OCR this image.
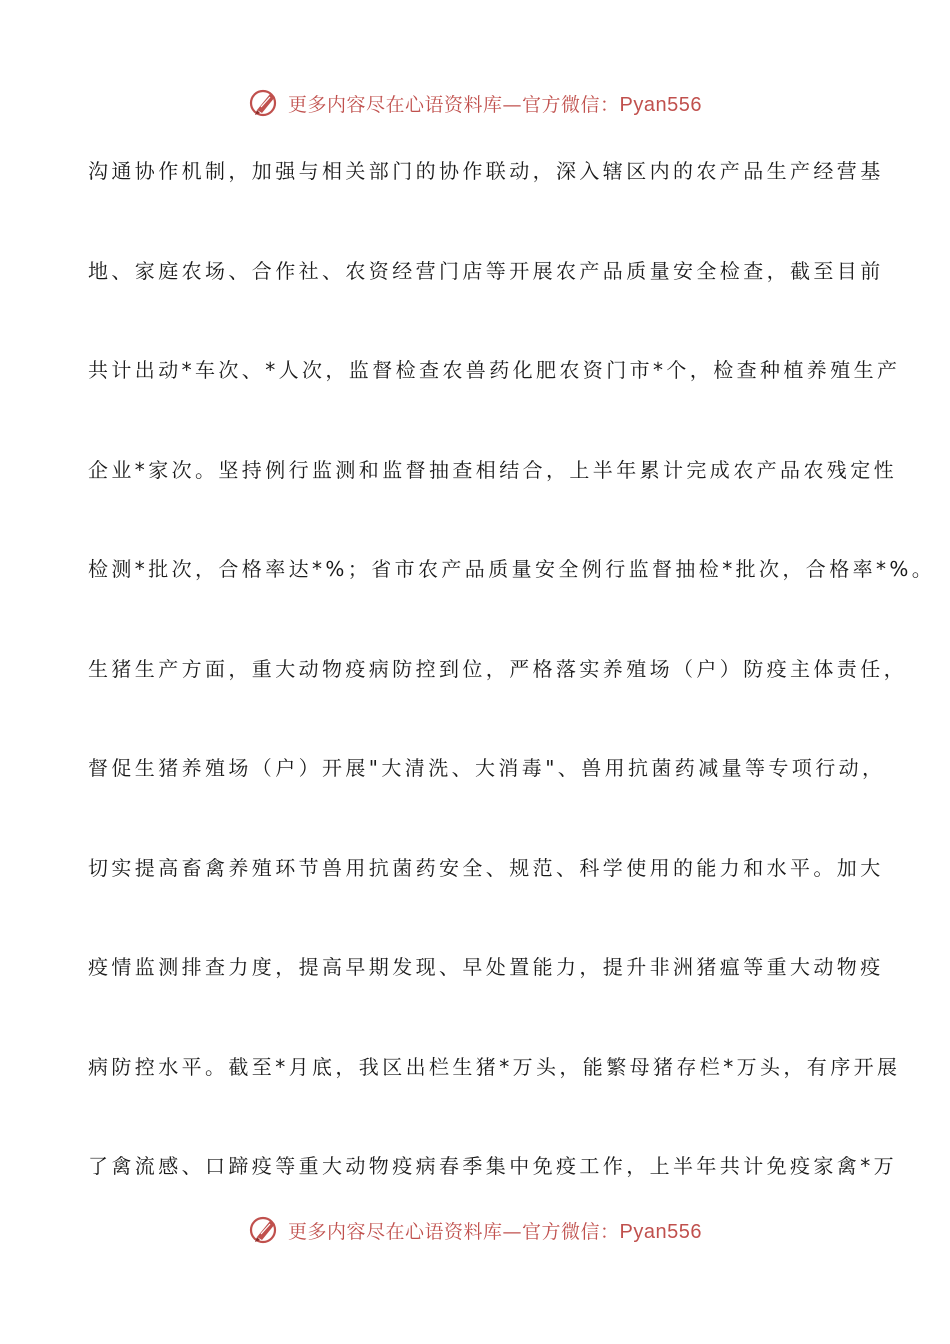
更多内容尽在心语资料库—官方微信：Pyan556
沟通协作机制，加强与相关部门的协作联动，深入辖区内的农产品生产经营基
地、家庭农场、合作社、农资经营门店等开展农产品质量安全检查，截至目前
共计出动*车次、*人次，监督检查农兽药化肥农资门市*个，检查种植养殖生产
企业*家次。坚持例行监测和监督抽查相结合，上半年累计完成农产品农残定性
检测*批次，合格率达*%；省市农产品质量安全例行监督抽检*批次，合格率*%。
生猪生产方面，重大动物疫病防控到位，严格落实养殖场（户）防疫主体责任，
督促生猪养殖场（户）开展"大清洗、大消毒"、兽用抗菌药减量等专项行动，
切实提高畜禽养殖环节兽用抗菌药安全、规范、科学使用的能力和水平。加大
疫情监测排查力度，提高早期发现、早处置能力，提升非洲猪瘟等重大动物疫
病防控水平。截至*月底，我区出栏生猪*万头，能繁母猪存栏*万头，有序开展
了禽流感、口蹄疫等重大动物疫病春季集中免疫工作，上半年共计免疫家禽*万
更多内容尽在心语资料库—官方微信：Pyan556
